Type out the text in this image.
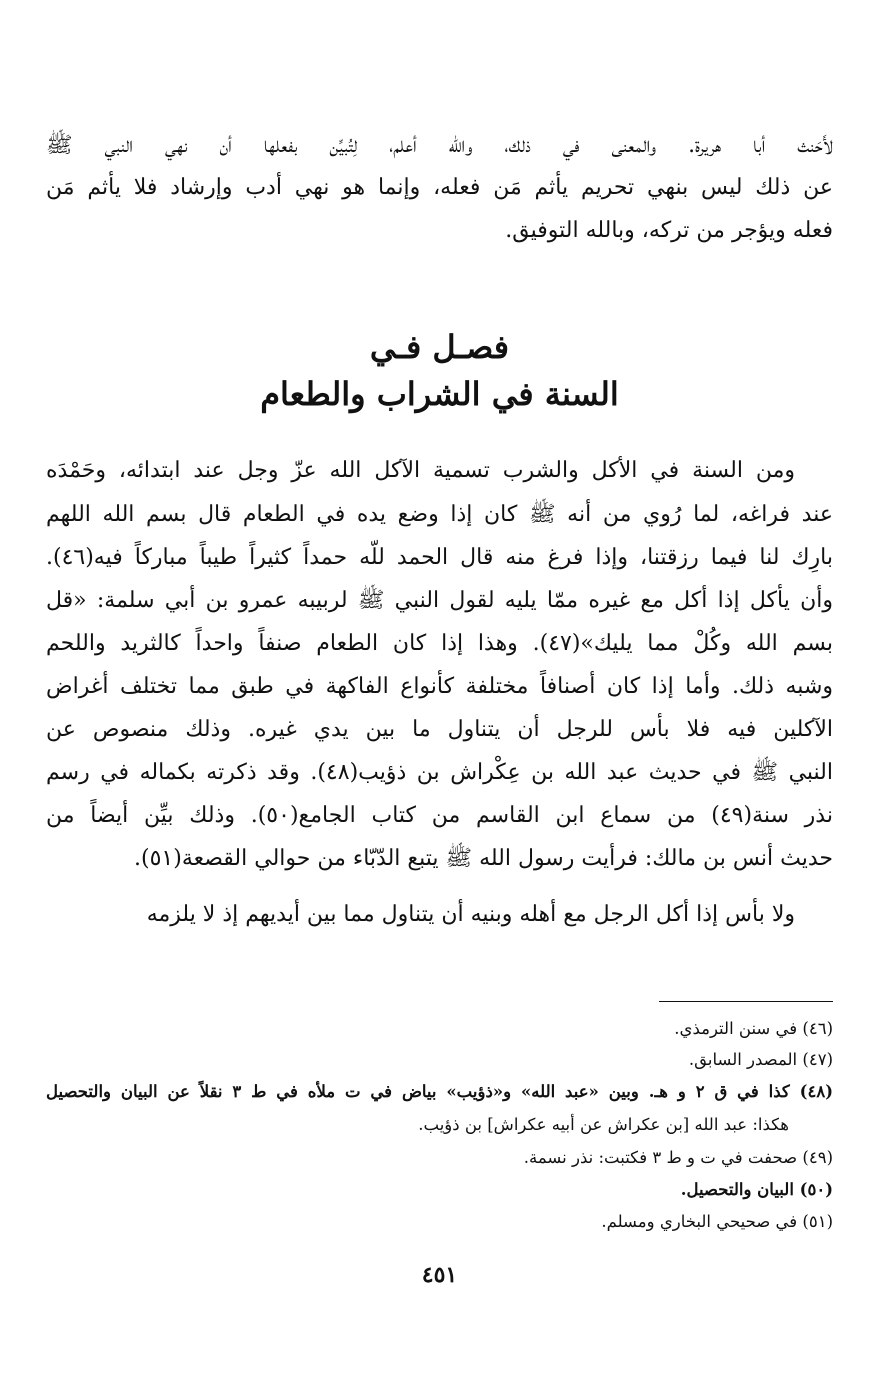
لأَحَنث أبا هريرة. والمعنى في ذلك، والله أعلم، لِتُبيِّن بفعلها أن نهي النبي ﷺ
عن ذلك ليس بنهي تحريم يأثم مَن فعله، وإنما هو نهي أدب وإرشاد فلا يأثم مَن
فعله ويؤجر من تركه، وبالله التوفيق.
فصـل فـي
السنة في الشراب والطعام
ومن السنة في الأكل والشرب تسمية الآكل الله عزّ وجل عند ابتدائه، وحَمْدَه
عند فراغه، لما رُوي من أنه ﷺ كان إذا وضع يده في الطعام قال بسم الله اللهم
بارِك لنا فيما رزقتنا، وإذا فرغ منه قال الحمد للّه حمداً كثيراً طيباً مباركاً فيه(٤٦).
وأن يأكل إذا أكل مع غيره ممّا يليه لقول النبي ﷺ لربيبه عمرو بن أبي سلمة: «قل
بسم الله وكُلْ مما يليك»(٤٧). وهذا إذا كان الطعام صنفاً واحداً كالثريد واللحم
وشبه ذلك. وأما إذا كان أصنافاً مختلفة كأنواع الفاكهة في طبق مما تختلف أغراض
الآكلين فيه فلا بأس للرجل أن يتناول ما بين يدي غيره. وذلك منصوص عن
النبي ﷺ في حديث عبد الله بن عِكْراش بن ذؤيب(٤٨). وقد ذكرته بكماله في رسم
نذر سنة(٤٩) من سماع ابن القاسم من كتاب الجامع(٥٠). وذلك بيِّن أيضاً من
حديث أنس بن مالك: فرأيت رسول الله ﷺ يتبع الدّبّاء من حوالي القصعة(٥١).
ولا بأس إذا أكل الرجل مع أهله وبنيه أن يتناول مما بين أيديهم إذ لا يلزمه
(٤٦) في سنن الترمذي.
(٤٧) المصدر السابق.
(٤٨) كذا في ق ٢ و هـ. وبين «عبد الله» و«ذؤيب» بياض في ت ملأه في ط ٣ نقلاً عن البيان والتحصيل
هكذا: عبد الله [بن عكراش عن أبيه عكراش] بن ذؤيب.
(٤٩) صحفت في ت و ط ٣ فكتبت: نذر نسمة.
(٥٠) البيان والتحصيل.
(٥١) في صحيحي البخاري ومسلم.
٤٥١
